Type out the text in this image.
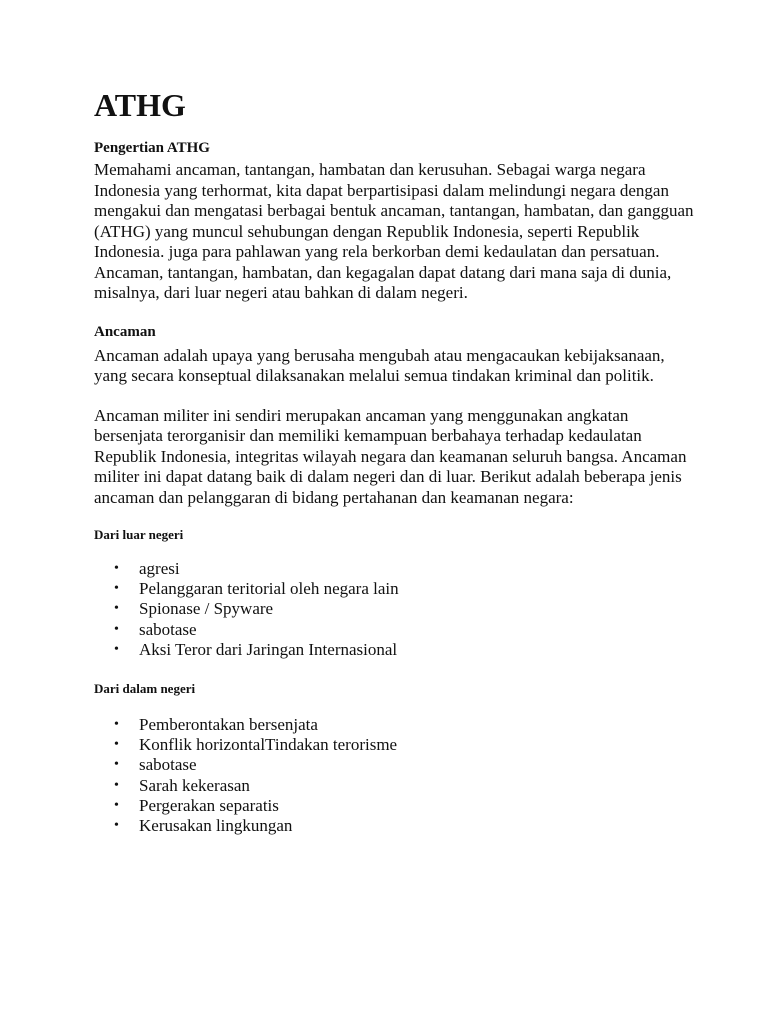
ATHG
Pengertian ATHG

Memahami ancaman, tantangan, hambatan dan kerusuhan. Sebagai warga negara Indonesia yang terhormat, kita dapat berpartisipasi dalam melindungi negara dengan mengakui dan mengatasi berbagai bentuk ancaman, tantangan, hambatan, dan gangguan (ATHG) yang muncul sehubungan dengan Republik Indonesia, seperti Republik Indonesia. juga para pahlawan yang rela berkorban demi kedaulatan dan persatuan. Ancaman, tantangan, hambatan, dan kegagalan dapat datang dari mana saja di dunia, misalnya, dari luar negeri atau bahkan di dalam negeri.

Ancaman

Ancaman adalah upaya yang berusaha mengubah atau mengacaukan kebijaksanaan, yang secara konseptual dilaksanakan melalui semua tindakan kriminal dan politik.

Ancaman militer ini sendiri merupakan ancaman yang menggunakan angkatan bersenjata terorganisir dan memiliki kemampuan berbahaya terhadap kedaulatan Republik Indonesia, integritas wilayah negara dan keamanan seluruh bangsa. Ancaman militer ini dapat datang baik di dalam negeri dan di luar. Berikut adalah beberapa jenis ancaman dan pelanggaran di bidang pertahanan dan keamanan negara:

Dari luar negeri
• agresi
• Pelanggaran teritorial oleh negara lain
• Spionase / Spyware
• sabotase
• Aksi Teror dari Jaringan Internasional
Dari dalam negeri
• Pemberontakan bersenjata
• Konflik horizontalTindakan terorisme
• sabotase
• Sarah kekerasan
• Pergerakan separatis
• Kerusakan lingkungan
